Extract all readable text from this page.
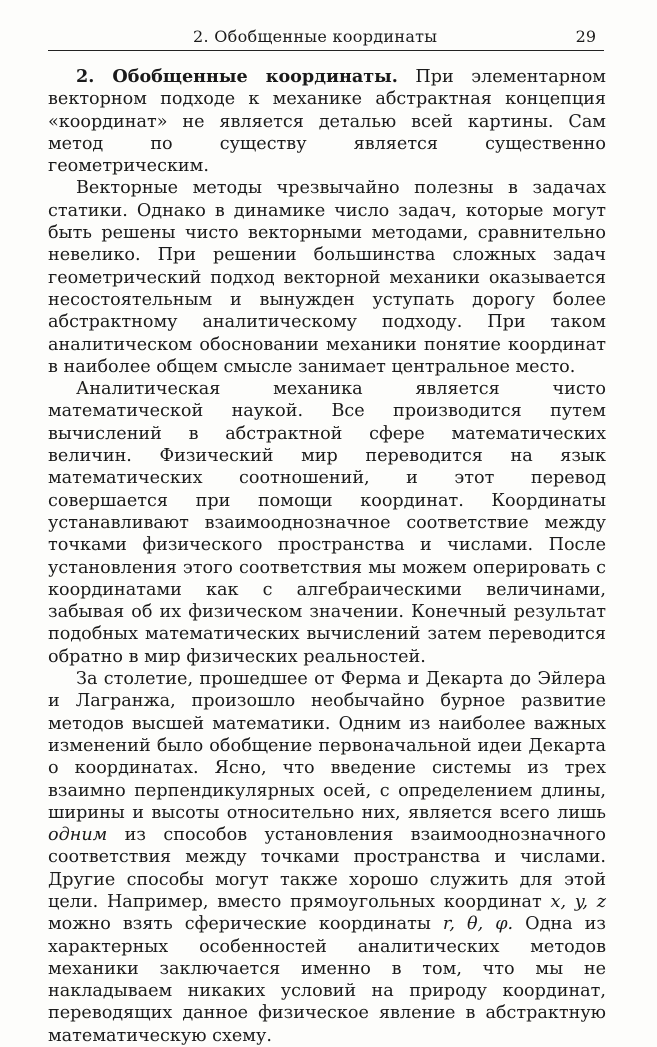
2. Обобщенные координаты	29

2. Обобщенные координаты. При элементарном векторном подходе к механике абстрактная концепция «координат» не является деталью всей картины. Сам метод по существу является существенно геометрическим.

Векторные методы чрезвычайно полезны в задачах статики. Однако в динамике число задач, которые могут быть решены чисто векторными методами, сравнительно невелико. При решении большинства сложных задач геометрический подход векторной механики оказывается несостоятельным и вынужден уступать дорогу более абстрактному аналитическому подходу. При таком аналитическом обосновании механики понятие координат в наиболее общем смысле занимает центральное место.

Аналитическая механика является чисто математической наукой. Все производится путем вычислений в абстрактной сфере математических величин. Физический мир переводится на язык математических соотношений, и этот перевод совершается при помощи координат. Координаты устанавливают взаимоoднозначное соответствие между точками физического пространства и числами. После установления этого соответствия мы можем оперировать с координатами как с алгебраическими величинами, забывая об их физическом значении. Конечный результат подобных математических вычислений затем переводится обратно в мир физических реальностей.

За столетие, прошедшее от Ферма и Декарта до Эйлера и Лагранжа, произошло необычайно бурное развитие методов высшей математики. Одним из наиболее важных изменений было обобщение первоначальной идеи Декарта о координатах. Ясно, что введение системы из трех взаимно перпендикулярных осей, с определением длины, ширины и высоты относительно них, является всего лишь одним из способов установления взаимооднозначного соответствия между точками пространства и числами. Другие способы могут также хорошо служить для этой цели. Например, вместо прямоугольных координат x, y, z можно взять сферические координаты r, θ, φ. Одна из характерных особенностей аналитических методов механики заключается именно в том, что мы не накладываем никаких условий на природу координат, переводящих данное физическое явление в абстрактную математическую схему.
